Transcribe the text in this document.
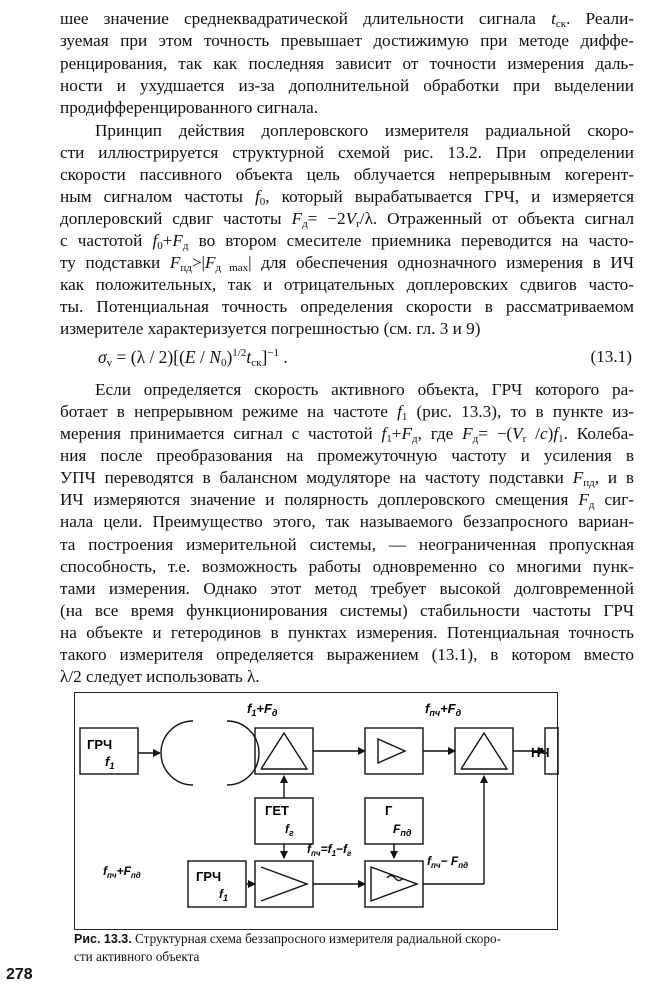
шее значение среднеквадратической длительности сигнала $t_{ск}$. Реали-
зуемая при этом точность превышает достижимую при методе диффе-
ренцирования, так как последняя зависит от точности измерения даль-
ности и ухудшается из-за дополнительной обработки при выделении
продифференцированного сигнала.
Принцип действия доплеровского измерителя радиальной скоро-
сти иллюстрируется структурной схемой рис. 13.2. При определении
скорости пассивного объекта цель облучается непрерывным когерент-
ным сигналом частоты $f_0$, который вырабатывается ГРЧ, и измеряется
доплеровский сдвиг частоты $F_д= -2V_r/\lambda$. Отраженный от объекта сигнал
с частотой $f_0+F_д$ во втором смесителе приемника переводится на часто-
ту подставки $F_{пд}>|F_{д max}|$ для обеспечения однозначного измерения в ИЧ
как положительных, так и отрицательных доплеровских сдвигов часто-
ты. Потенциальная точность определения скорости в рассматриваемом
измерителе характеризуется погрешностью (см. гл. 3 и 9)
$\sigma_v = (\lambda / 2)[(E / N_0)^{1/2}t_{ск}]^{-1}$ .	(13.1)
Если определяется скорость активного объекта, ГРЧ которого ра-
ботает в непрерывном режиме на частоте $f_1$ (рис. 13.3), то в пункте из-
мерения принимается сигнал с частотой $f_1+F_д$, где $F_д= -(V_r$ $/c)f_1$. Колеба-
ния после преобразования на промежуточную частоту и усиления в
УПЧ переводятся в балансном модуляторе на частоту подставки $F_{пд}$, и в
ИЧ измеряются значение и полярность доплеровского смещения $F_д$ сиг-
нала цели. Преимущество этого, так называемого беззапросного вариан-
та построения измерительной системы, — неограниченная пропускная
способность, т.е. возможность работы одновременно со многими пунк-
тами измерения. Однако этот метод требует высокой долговременной
(на все время функционирования системы) стабильности частоты ГРЧ
на объекте и гетеродинов в пунктах измерения. Потенциальная точность
такого измерителя определяется выражением (13.1), в котором вместо
λ/2 следует использовать λ.
ГРЧ
$f_1$
$f_1+F_д$	$f_{пч}+F_д$
НЧ
ГЕТ
$f_г$
Г
$F_{пд}$
$f_{пч}=f_1-f_г$
$f_{пч}+F_{пд}$	ГРЧ
$f_1$
$f_{пч}- F_{пд}$
Рис. 13.3. Структурная схема беззапросного измерителя радиальной скоро-
сти активного объекта
278
